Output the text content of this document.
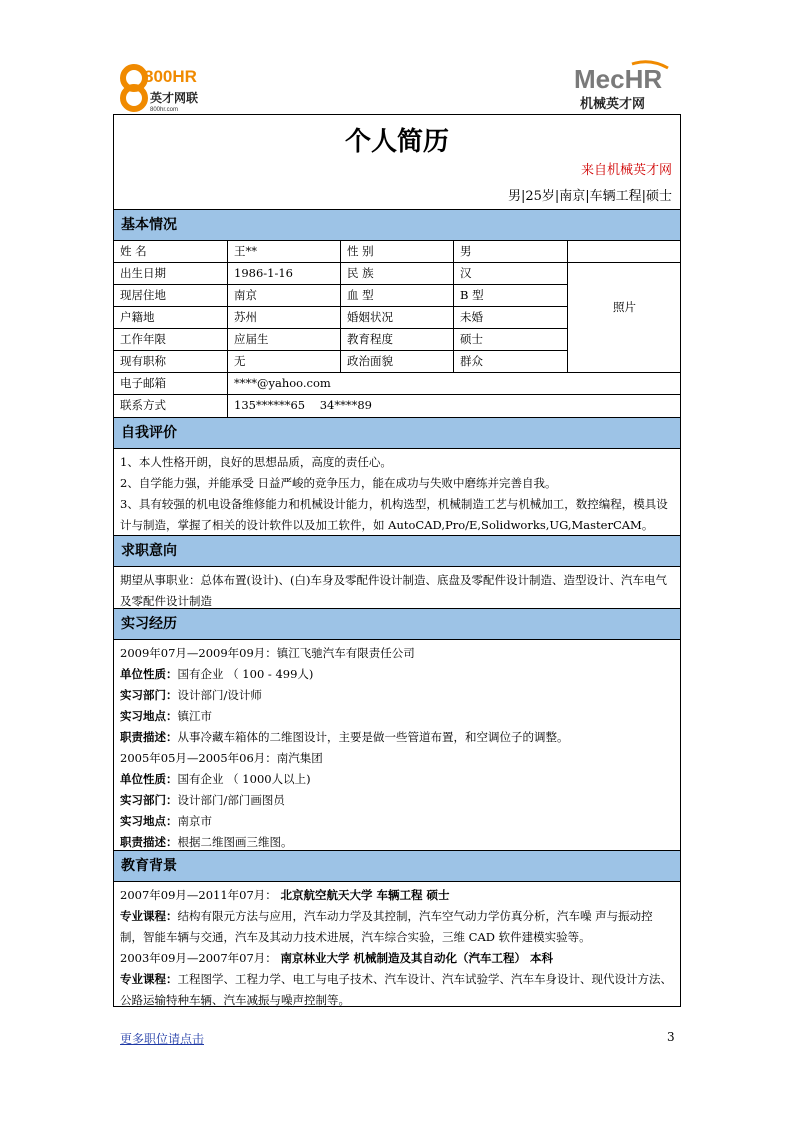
800HR
英才网联
800hr.com
MecHR
机械英才网
个人简历
来自机械英才网
男|25岁|南京|车辆工程|硕士
基本情况
姓 名	王**	性 别	男
出生日期	1986-1-16	民 族	汉
现居住地	南京	血 型	B 型
户籍地	苏州	婚姻状况	未婚
工作年限	应届生	教育程度	硕士
现有职称	无	政治面貌	群众
照片
电子邮箱	****@yahoo.com
联系方式	135******65    34****89
自我评价

1、本人性格开朗，良好的思想品质，高度的责任心。

2、自学能力强，并能承受 日益严峻的竞争压力，能在成功与失败中磨练并完善自我。

3、具有较强的机电设备维修能力和机械设计能力，机构选型，机械制造工艺与机械加工，数控编程，模具设计与制造，掌握了相关的设计软件以及加工软件，如 AutoCAD,Pro/E,Solidworks,UG,MasterCAM。

求职意向

期望从事职业：总体布置(设计)、(白)车身及零配件设计制造、底盘及零配件设计制造、造型设计、汽车电气及零配件设计制造

实习经历

2009年07月—2009年09月：镇江飞驰汽车有限责任公司

单位性质：国有企业 （ 100 - 499人)

实习部门：设计部门/设计师

实习地点：镇江市

职责描述：从事冷藏车箱体的二维图设计，主要是做一些管道布置，和空调位子的调整。

2005年05月—2005年06月：南汽集团

单位性质：国有企业 （ 1000人以上)

实习部门：设计部门/部门画图员

实习地点：南京市

职责描述：根据二维图画三维图。

教育背景

2007年09月—2011年07月： 北京航空航天大学 车辆工程 硕士

专业课程：结构有限元方法与应用，汽车动力学及其控制，汽车空气动力学仿真分析，汽车噪 声与振动控制，智能车辆与交通，汽车及其动力技术进展，汽车综合实验，三维 CAD 软件建模实验等。

2003年09月—2007年07月： 南京林业大学 机械制造及其自动化（汽车工程） 本科

专业课程：工程图学、工程力学、电工与电子技术、汽车设计、汽车试验学、汽车车身设计、现代设计方法、公路运输特种车辆、汽车减振与噪声控制等。

更多职位请点击	3
